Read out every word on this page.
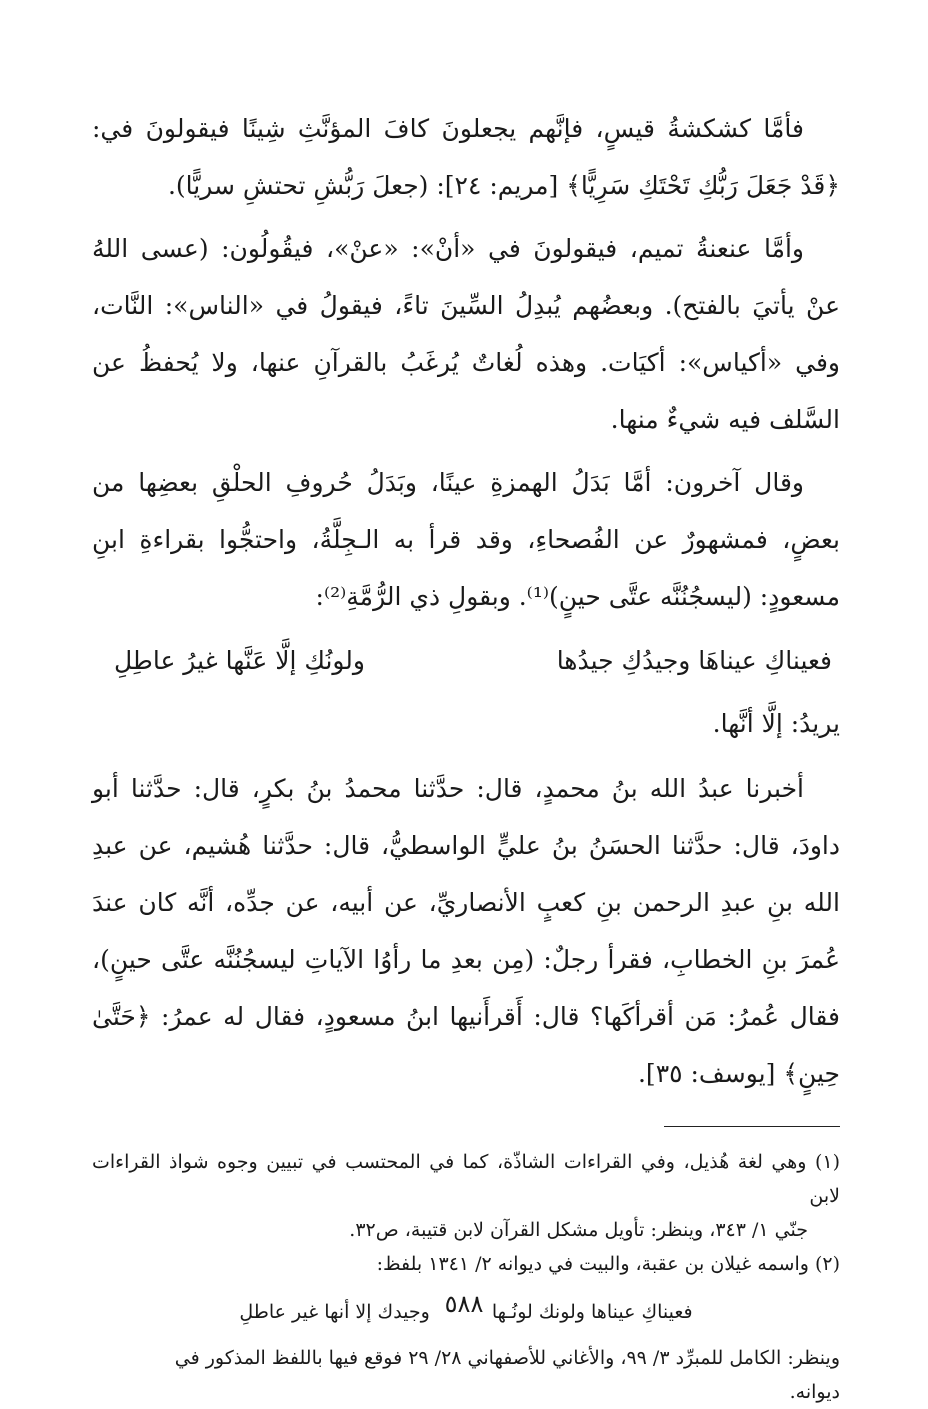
فأمَّا كشكشةُ قيسٍ، فإنَّهم يجعلونَ كافَ المؤنَّثِ شِينًا فيقولونَ في: ﴿قَدْ جَعَلَ رَبُّكِ تَحْتَكِ سَرِيًّا﴾ [مريم: ٢٤]: (جعلَ رَبُّشِ تحتشِ سريًّا).

وأمَّا عنعنةُ تميم، فيقولونَ في «أنْ»: «عنْ»، فيقُولُون: (عسى اللهُ عنْ يأتيَ بالفتح). وبعضُهم يُبدِلُ السِّينَ تاءً، فيقولُ في «الناس»: النَّات، وفي «أكياس»: أكيَات. وهذه لُغاتٌ يُرغَبُ بالقرآنِ عنها، ولا يُحفظُ عن السَّلف فيه شيءٌ منها.

وقال آخرون: أمَّا بَدَلُ الهمزةِ عينًا، وبَدَلُ حُروفِ الحلْقِ بعضِها من بعضٍ، فمشهورٌ عن الفُصحاءِ، وقد قرأ به الـجِلَّةُ، واحتجُّوا بقراءةِ ابنِ مسعودٍ: (ليسجُنُنَّه عتَّى حينٍ)⁽¹⁾. وبقولِ ذي الرُّمَّةِ⁽²⁾:

فعيناكِ عيناهَا وجيدُكِ جيدُها
ولونُكِ إلَّا عَنَّها غيرُ عاطِلِ

يريدُ: إلَّا أنَّها.

أخبرنا عبدُ الله بنُ محمدٍ، قال: حدَّثنا محمدُ بنُ بكرٍ، قال: حدَّثنا أبو داودَ، قال: حدَّثنا الحسَنُ بنُ عليٍّ الواسطيُّ، قال: حدَّثنا هُشيم، عن عبدِ الله بنِ عبدِ الرحمن بنِ كعبٍ الأنصاريِّ، عن أبيه، عن جدِّه، أنَّه كان عندَ عُمرَ بنِ الخطابِ، فقرأ رجلٌ: (مِن بعدِ ما رأوُا الآياتِ ليسجُنُنَّه عتَّى حينٍ)، فقال عُمرُ: مَن أقرأكَها؟ قال: أَقرأَنيها ابنُ مسعودٍ، فقال له عمرُ: ﴿حَتَّىٰ حِينٍ﴾ [يوسف: ٣٥].

(١) وهي لغة هُذيل، وفي القراءات الشاذّة، كما في المحتسب في تبيين وجوه شواذ القراءات لابن

جنّي ١/ ٣٤٣، وينظر: تأويل مشكل القرآن لابن قتيبة، ص٣٢.

(٢) واسمه غيلان بن عقبة، والبيت في ديوانه ٢/ ١٣٤١ بلفظ:

فعيناكِ عيناها ولونك لونُـها
وجيدك إلا أنها غير عاطلِ

وينظر: الكامل للمبرِّد ٣/ ٩٩، والأغاني للأصفهاني ٢٨/ ٢٩ فوقع فيها باللفظ المذكور في

ديوانه.

٥٨٨
